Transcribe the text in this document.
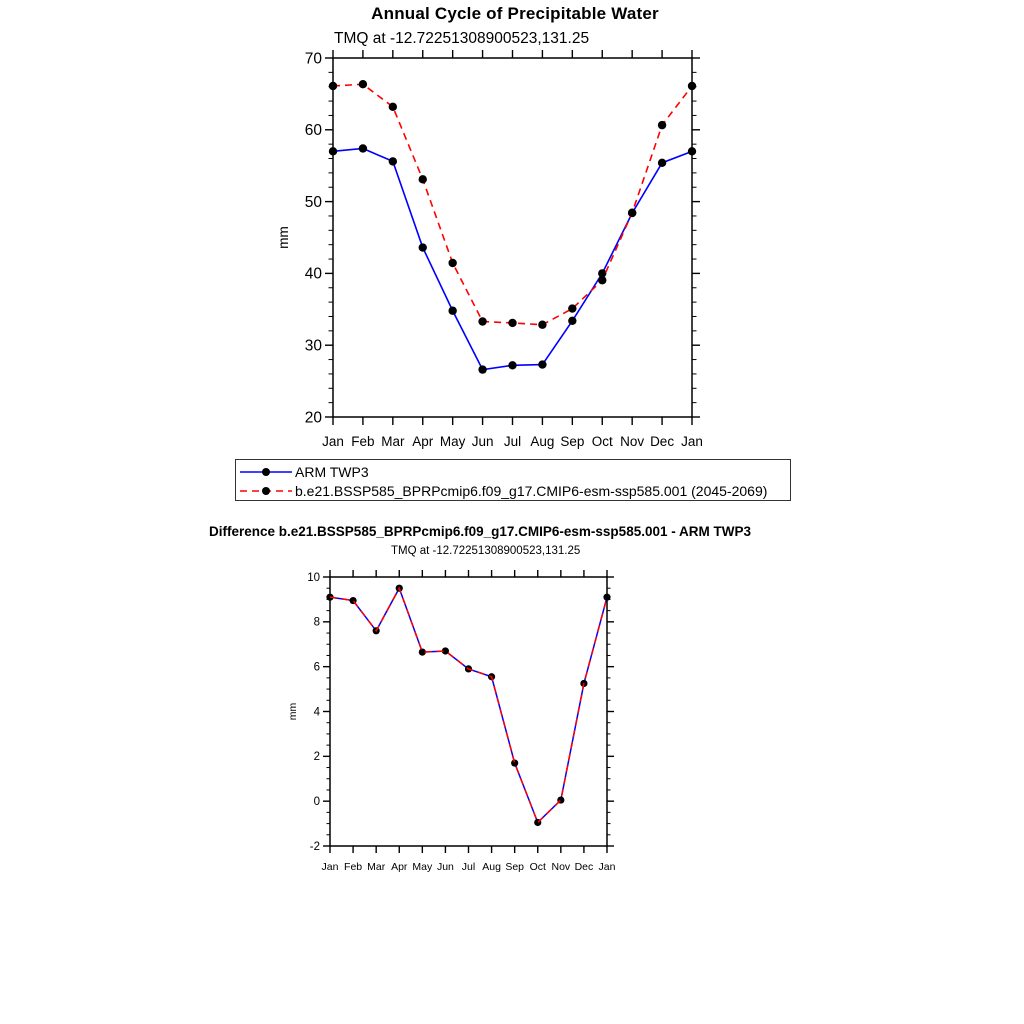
Annual Cycle of Precipitable Water
TMQ at -12.72251308900523,131.25
20
30
40
50
60
70
Jan Feb Mar Apr May Jun Jul Aug Sep Oct Nov Dec Jan
mm
ARM TWP3
b.e21.BSSP585_BPRPcmip6.f09_g17.CMIP6-esm-ssp585.001 (2045-2069)
Difference b.e21.BSSP585_BPRPcmip6.f09_g17.CMIP6-esm-ssp585.001 - ARM TWP3
TMQ at -12.72251308900523,131.25
-2
0
2
4
6
8
10
Jan Feb Mar Apr May Jun Jul Aug Sep Oct Nov Dec Jan
mm
